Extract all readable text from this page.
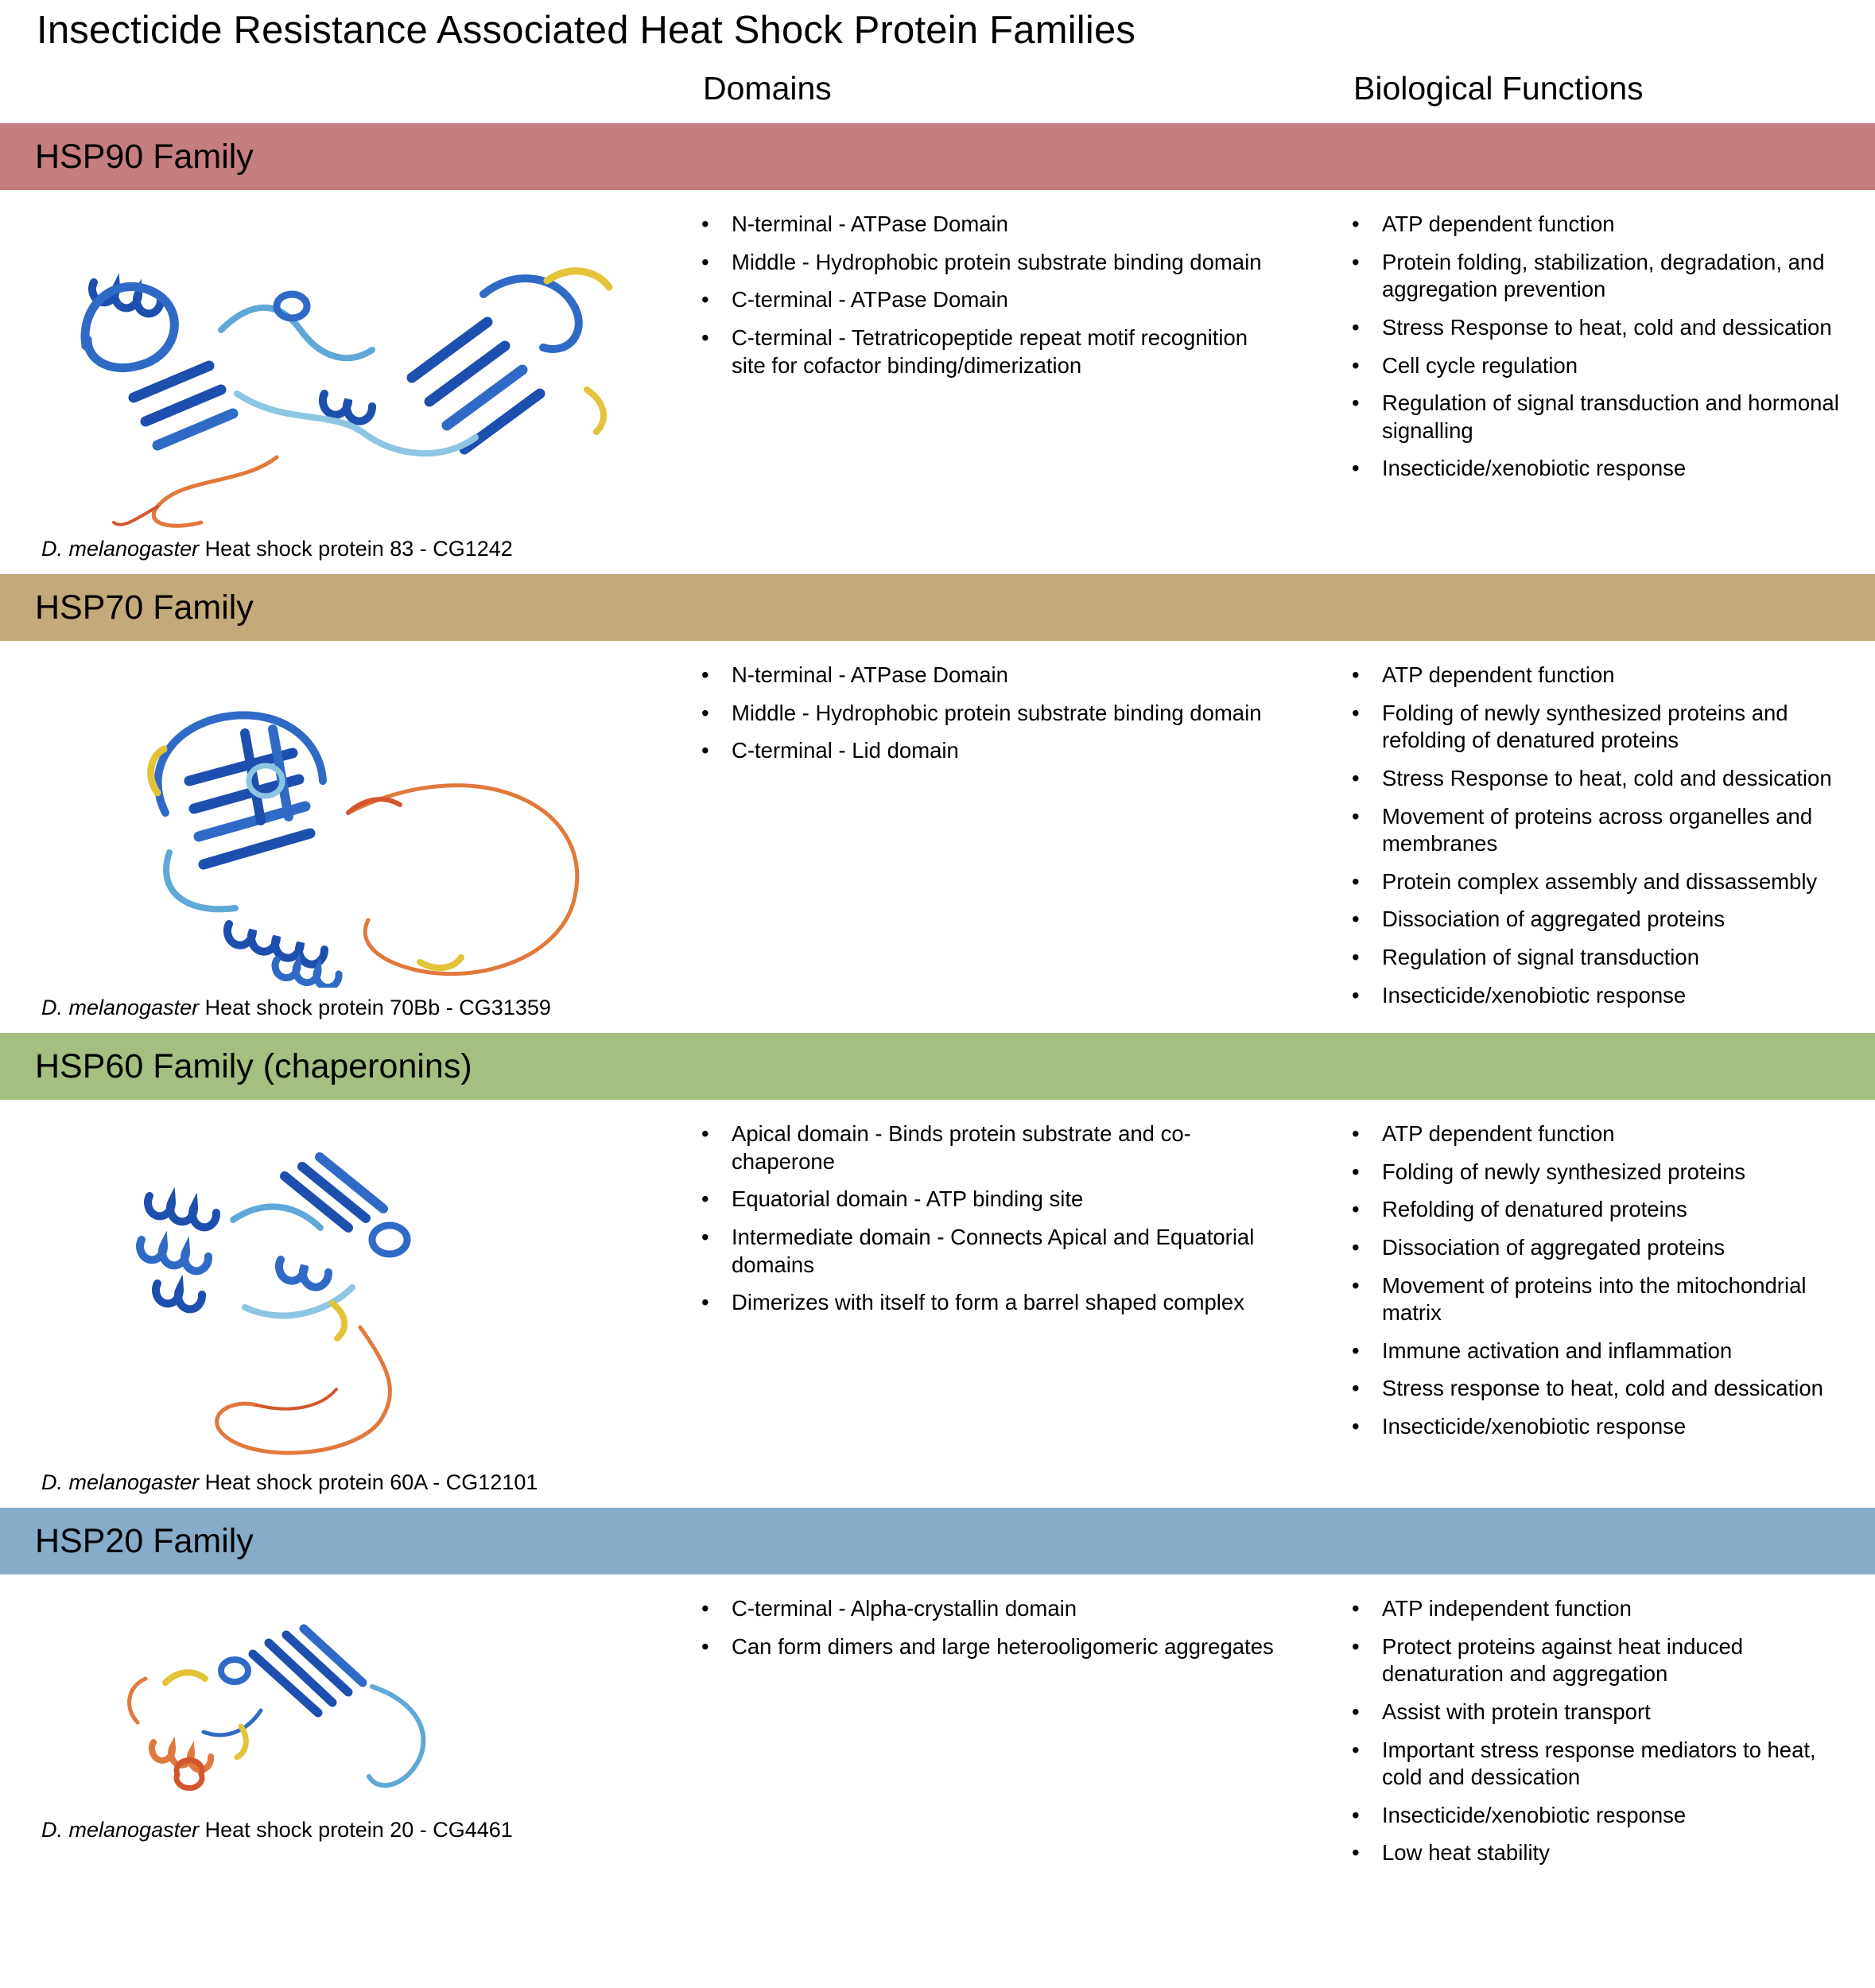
Insecticide Resistance Associated Heat Shock Protein Families
Domains	Biological Functions
HSP90 Family

D. melanogaster Heat shock protein 83 - CG1242

• N-terminal - ATPase Domain
• Middle - Hydrophobic protein substrate binding domain
• C-terminal - ATPase Domain
• C-terminal - Tetratricopeptide repeat motif recognition site for cofactor binding/dimerization
• ATP dependent function
• Protein folding, stabilization, degradation, and aggregation prevention
• Stress Response to heat, cold and dessication
• Cell cycle regulation
• Regulation of signal transduction and hormonal signalling
• Insecticide/xenobiotic response
HSP70 Family

D. melanogaster Heat shock protein 70Bb - CG31359

• N-terminal - ATPase Domain
• Middle - Hydrophobic protein substrate binding domain
• C-terminal - Lid domain
• ATP dependent function
• Folding of newly synthesized proteins and refolding of denatured proteins
• Stress Response to heat, cold and dessication
• Movement of proteins across organelles and membranes
• Protein complex assembly and dissassembly
• Dissociation of aggregated proteins
• Regulation of signal transduction
• Insecticide/xenobiotic response
HSP60 Family (chaperonins)

D. melanogaster Heat shock protein 60A - CG12101

• Apical domain - Binds protein substrate and co-chaperone
• Equatorial domain - ATP binding site
• Intermediate domain - Connects Apical and Equatorial domains
• Dimerizes with itself to form a barrel shaped complex
• ATP dependent function
• Folding of newly synthesized proteins
• Refolding of denatured proteins
• Dissociation of aggregated proteins
• Movement of proteins into the mitochondrial matrix
• Immune activation and inflammation
• Stress response to heat, cold and dessication
• Insecticide/xenobiotic response
HSP20 Family

D. melanogaster Heat shock protein 20 - CG4461

• C-terminal - Alpha-crystallin domain
• Can form dimers and large heterooligomeric aggregates
• ATP independent function
• Protect proteins against heat induced denaturation and aggregation
• Assist with protein transport
• Important stress response mediators to heat, cold and dessication
• Insecticide/xenobiotic response
• Low heat stability
